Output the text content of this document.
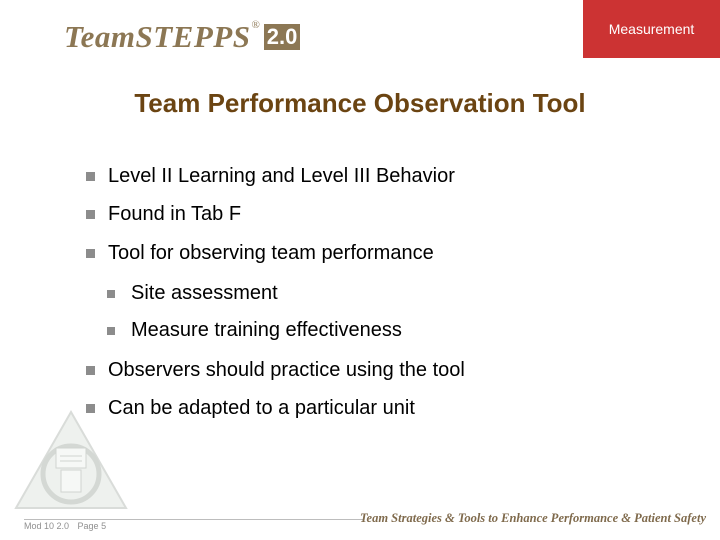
TeamSTEPPS ® 2.0	Measurement
Team Performance Observation Tool
Level II Learning and Level III Behavior
Found in Tab F
Tool for observing team performance
Site assessment
Measure training effectiveness
Observers should practice using the tool
Can be adapted to a particular unit
Mod 10 2.0 Page 5
Team Strategies & Tools to Enhance Performance & Patient Safety
